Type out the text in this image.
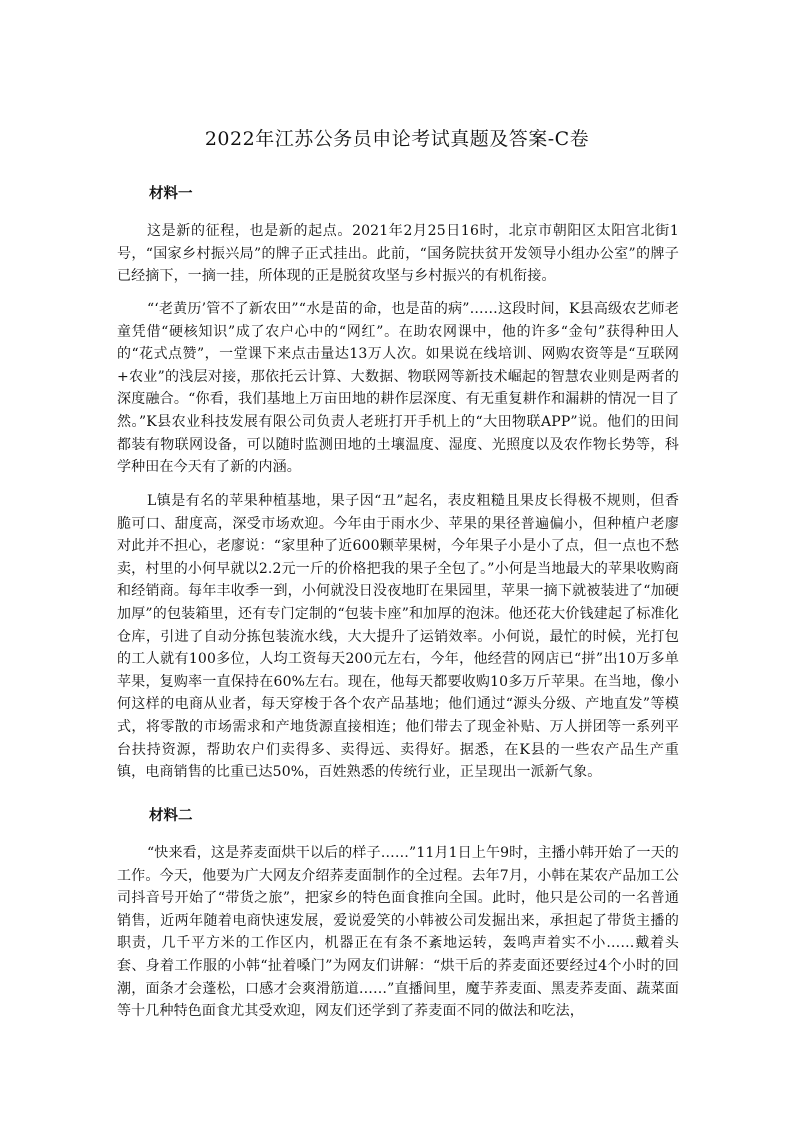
2022年江苏公务员申论考试真题及答案-C卷
材料一

这是新的征程，也是新的起点。2021年2月25日16时，北京市朝阳区太阳宫北街1号，“国家乡村振兴局”的牌子正式挂出。此前，“国务院扶贫开发领导小组办公室”的牌子已经摘下，一摘一挂，所体现的正是脱贫攻坚与乡村振兴的有机衔接。

“‘老黄历’管不了新农田”“水是苗的命，也是苗的病”……这段时间，K县高级农艺师老童凭借“硬核知识”成了农户心中的“网红”。在助农网课中，他的许多“金句”获得种田人的“花式点赞”，一堂课下来点击量达13万人次。如果说在线培训、网购农资等是“互联网+农业”的浅层对接，那依托云计算、大数据、物联网等新技术崛起的智慧农业则是两者的深度融合。“你看，我们基地上万亩田地的耕作层深度、有无重复耕作和漏耕的情况一目了然。”K县农业科技发展有限公司负责人老班打开手机上的“大田物联APP”说。他们的田间都装有物联网设备，可以随时监测田地的土壤温度、湿度、光照度以及农作物长势等，科学种田在今天有了新的内涵。

L镇是有名的苹果种植基地，果子因“丑”起名，表皮粗糙且果皮长得极不规则，但香脆可口、甜度高，深受市场欢迎。今年由于雨水少、苹果的果径普遍偏小，但种植户老廖对此并不担心，老廖说：“家里种了近600颗苹果树，今年果子小是小了点，但一点也不愁卖，村里的小何早就以2.2元一斤的价格把我的果子全包了。”小何是当地最大的苹果收购商和经销商。每年丰收季一到，小何就没日没夜地盯在果园里，苹果一摘下就被装进了“加硬加厚”的包装箱里，还有专门定制的“包装卡座”和加厚的泡沫。他还花大价钱建起了标准化仓库，引进了自动分拣包装流水线，大大提升了运销效率。小何说，最忙的时候，光打包的工人就有100多位，人均工资每天200元左右，今年，他经营的网店已“拼”出10万多单苹果，复购率一直保持在60%左右。现在，他每天都要收购10多万斤苹果。在当地，像小何这样的电商从业者，每天穿梭于各个农产品基地；他们通过“源头分级、产地直发”等模式，将零散的市场需求和产地货源直接相连；他们带去了现金补贴、万人拼团等一系列平台扶持资源，帮助农户们卖得多、卖得远、卖得好。据悉，在K县的一些农产品生产重镇，电商销售的比重已达50%，百姓熟悉的传统行业，正呈现出一派新气象。

材料二

“快来看，这是荞麦面烘干以后的样子……”11月1日上午9时，主播小韩开始了一天的工作。今天，他要为广大网友介绍荞麦面制作的全过程。去年7月，小韩在某农产品加工公司抖音号开始了“带货之旅”，把家乡的特色面食推向全国。此时，他只是公司的一名普通销售，近两年随着电商快速发展，爱说爱笑的小韩被公司发掘出来，承担起了带货主播的职责，几千平方米的工作区内，机器正在有条不紊地运转，轰鸣声着实不小……戴着头套、身着工作服的小韩“扯着嗓门”为网友们讲解：“烘干后的荞麦面还要经过4个小时的回潮，面条才会蓬松，口感才会爽滑筋道……”直播间里，魔芋荞麦面、黑麦荞麦面、蔬菜面等十几种特色面食尤其受欢迎，网友们还学到了荞麦面不同的做法和吃法，
